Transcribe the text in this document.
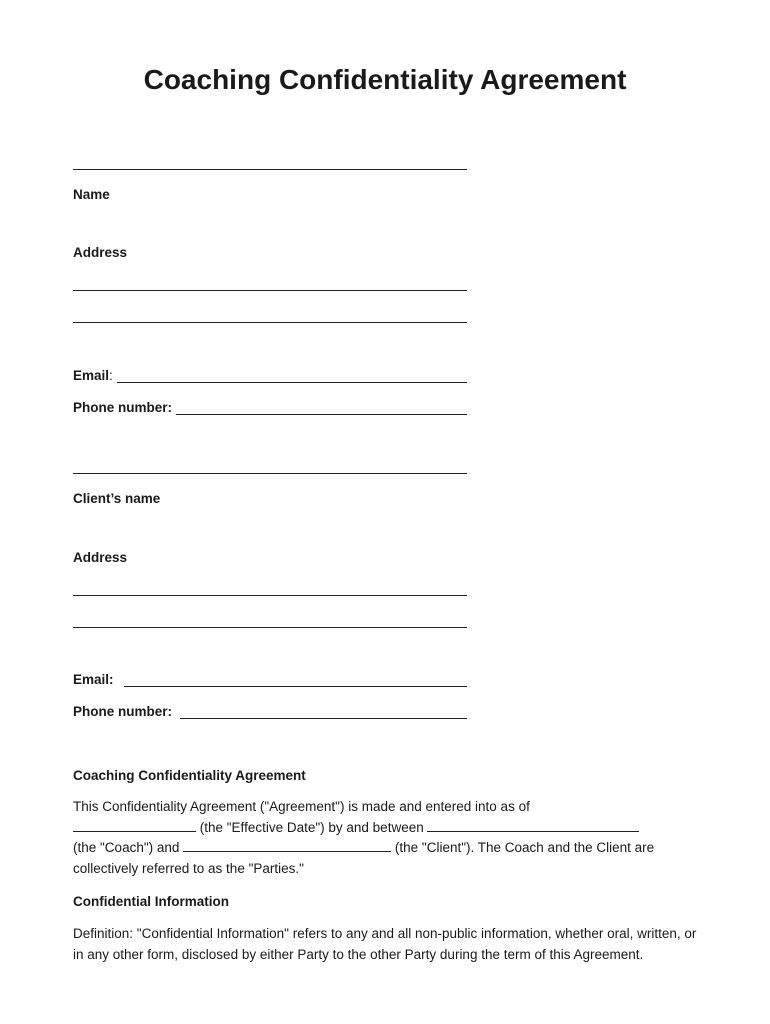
Coaching Confidentiality Agreement
Name
Address
Email :
Phone number:
Client’s name
Address
Email:
Phone number:
Coaching Confidentiality Agreement
This Confidentiality Agreement ("Agreement") is made and entered into as of
(the "Effective Date") by and between
(the "Coach") and	(the "Client"). The Coach and the Client are
collectively referred to as the "Parties."
Confidential Information
Definition: "Confidential Information" refers to any and all non-public information, whether oral, written, or in any other form, disclosed by either Party to the other Party during the term of this Agreement.
